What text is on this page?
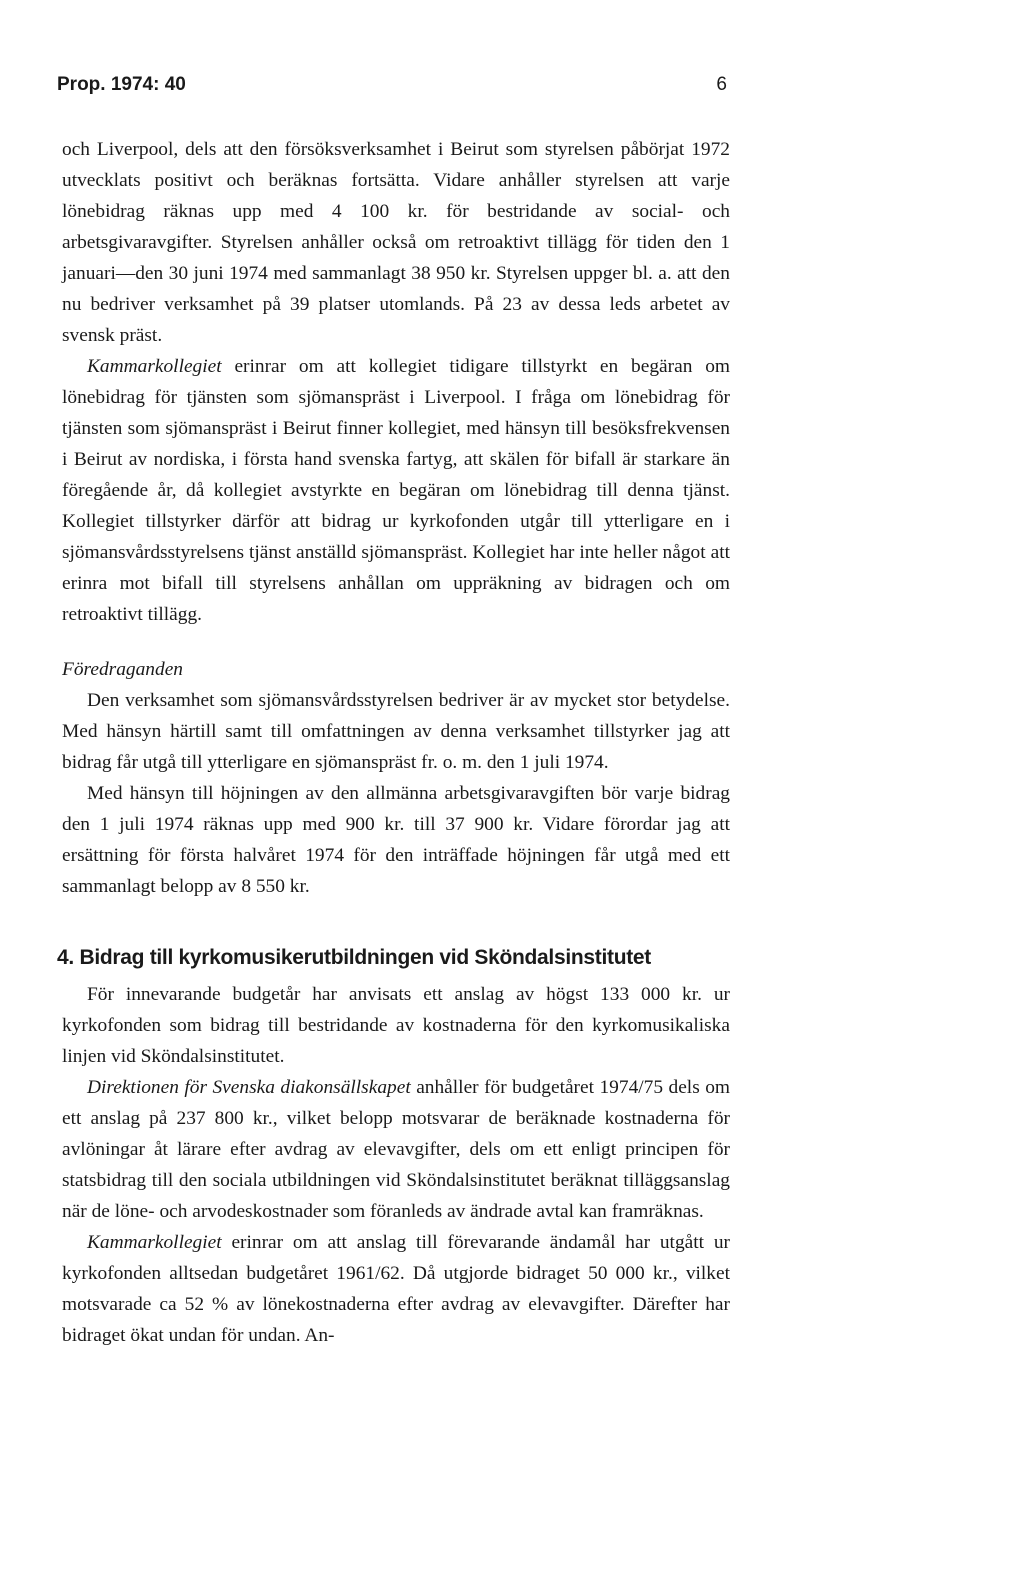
Prop. 1974: 40	6

och Liverpool, dels att den försöksverksamhet i Beirut som styrelsen påbörjat 1972 utvecklats positivt och beräknas fortsätta. Vidare anhåller styrelsen att varje lönebidrag räknas upp med 4 100 kr. för bestridande av social- och arbetsgivaravgifter. Styrelsen anhåller också om retroaktivt tillägg för tiden den 1 januari—den 30 juni 1974 med sammanlagt 38 950 kr. Styrelsen uppger bl. a. att den nu bedriver verksamhet på 39 platser utomlands. På 23 av dessa leds arbetet av svensk präst.

Kammarkollegiet erinrar om att kollegiet tidigare tillstyrkt en begäran om lönebidrag för tjänsten som sjömanspräst i Liverpool. I fråga om lönebidrag för tjänsten som sjömanspräst i Beirut finner kollegiet, med hänsyn till besöksfrekvensen i Beirut av nordiska, i första hand svenska fartyg, att skälen för bifall är starkare än föregående år, då kollegiet avstyrkte en begäran om lönebidrag till denna tjänst. Kollegiet tillstyrker därför att bidrag ur kyrkofonden utgår till ytterligare en i sjömansvårdsstyrelsens tjänst anställd sjömanspräst. Kollegiet har inte heller något att erinra mot bifall till styrelsens anhållan om uppräkning av bidragen och om retroaktivt tillägg.

Föredraganden

Den verksamhet som sjömansvårdsstyrelsen bedriver är av mycket stor betydelse. Med hänsyn härtill samt till omfattningen av denna verksamhet tillstyrker jag att bidrag får utgå till ytterligare en sjömanspräst fr. o. m. den 1 juli 1974.

Med hänsyn till höjningen av den allmänna arbetsgivaravgiften bör varje bidrag den 1 juli 1974 räknas upp med 900 kr. till 37 900 kr. Vidare förordar jag att ersättning för första halvåret 1974 för den inträffade höjningen får utgå med ett sammanlagt belopp av 8 550 kr.

4. Bidrag till kyrkomusikerutbildningen vid Sköndalsinstitutet

För innevarande budgetår har anvisats ett anslag av högst 133 000 kr. ur kyrkofonden som bidrag till bestridande av kostnaderna för den kyrkomusikaliska linjen vid Sköndalsinstitutet.

Direktionen för Svenska diakonsällskapet anhåller för budgetåret 1974/75 dels om ett anslag på 237 800 kr., vilket belopp motsvarar de beräknade kostnaderna för avlöningar åt lärare efter avdrag av elevavgifter, dels om ett enligt principen för statsbidrag till den sociala utbildningen vid Sköndalsinstitutet beräknat tilläggsanslag när de löne- och arvodeskostnader som föranleds av ändrade avtal kan framräknas.

Kammarkollegiet erinrar om att anslag till förevarande ändamål har utgått ur kyrkofonden alltsedan budgetåret 1961/62. Då utgjorde bidraget 50 000 kr., vilket motsvarade ca 52 % av lönekostnaderna efter avdrag av elevavgifter. Därefter har bidraget ökat undan för undan. An-
